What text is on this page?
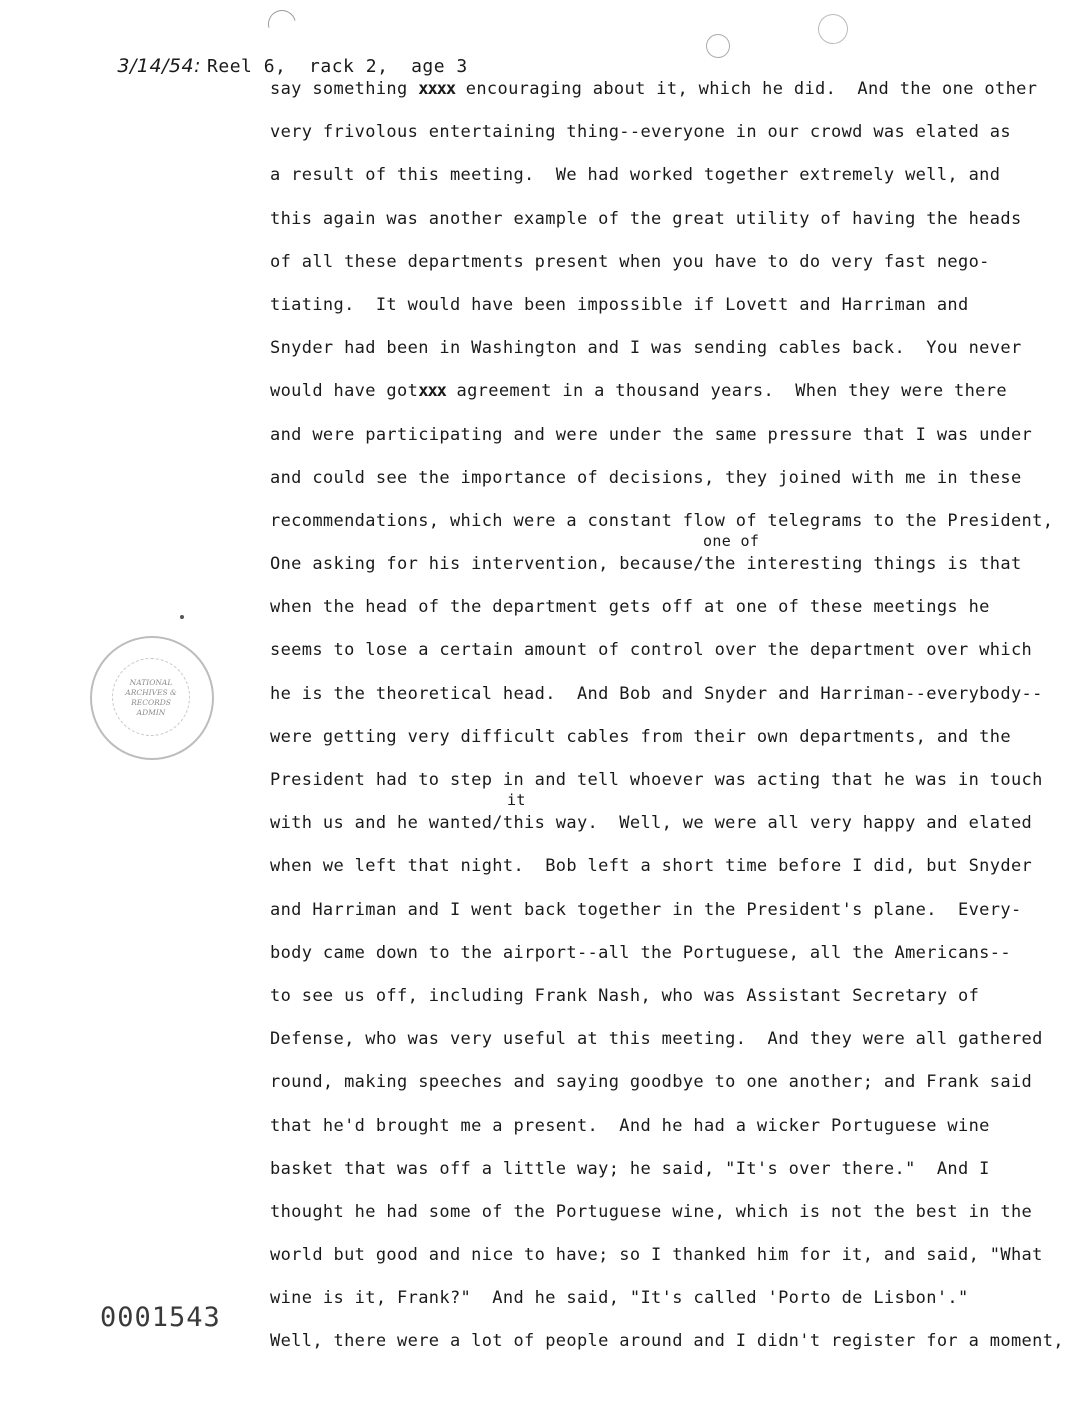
3/14/54: Reel 6,  rack 2,  age 3

say something xxxx encouraging about it, which he did.  And the one other
very frivolous entertaining thing--everyone in our crowd was elated as
a result of this meeting.  We had worked together extremely well, and
this again was another example of the great utility of having the heads
of all these departments present when you have to do very fast nego-
tiating.  It would have been impossible if Lovett and Harriman and
Snyder had been in Washington and I was sending cables back.  You never
would have gotxxx agreement in a thousand years.  When they were there
and were participating and were under the same pressure that I was under
and could see the importance of decisions, they joined with me in these
recommendations, which were a constant flow of telegrams to the President,
One asking for his intervention, because/the interesting things is that
one of
when the head of the department gets off at one of these meetings he
seems to lose a certain amount of control over the department over which
he is the theoretical head.  And Bob and Snyder and Harriman--everybody--
were getting very difficult cables from their own departments, and the
President had to step in and tell whoever was acting that he was in touch
with us and he wanted/this way.  Well, we were all very happy and elated
it
when we left that night.  Bob left a short time before I did, but Snyder
and Harriman and I went back together in the President's plane.  Every-
body came down to the airport--all the Portuguese, all the Americans--
to see us off, including Frank Nash, who was Assistant Secretary of
Defense, who was very useful at this meeting.  And they were all gathered
round, making speeches and saying goodbye to one another; and Frank said
that he'd brought me a present.  And he had a wicker Portuguese wine
basket that was off a little way; he said, "It's over there."  And I
thought he had some of the Portuguese wine, which is not the best in the
world but good and nice to have; so I thanked him for it, and said, "What
wine is it, Frank?"  And he said, "It's called 'Porto de Lisbon'."
Well, there were a lot of people around and I didn't register for a moment,
NATIONAL
ARCHIVES &
RECORDS
ADMIN
0001543
